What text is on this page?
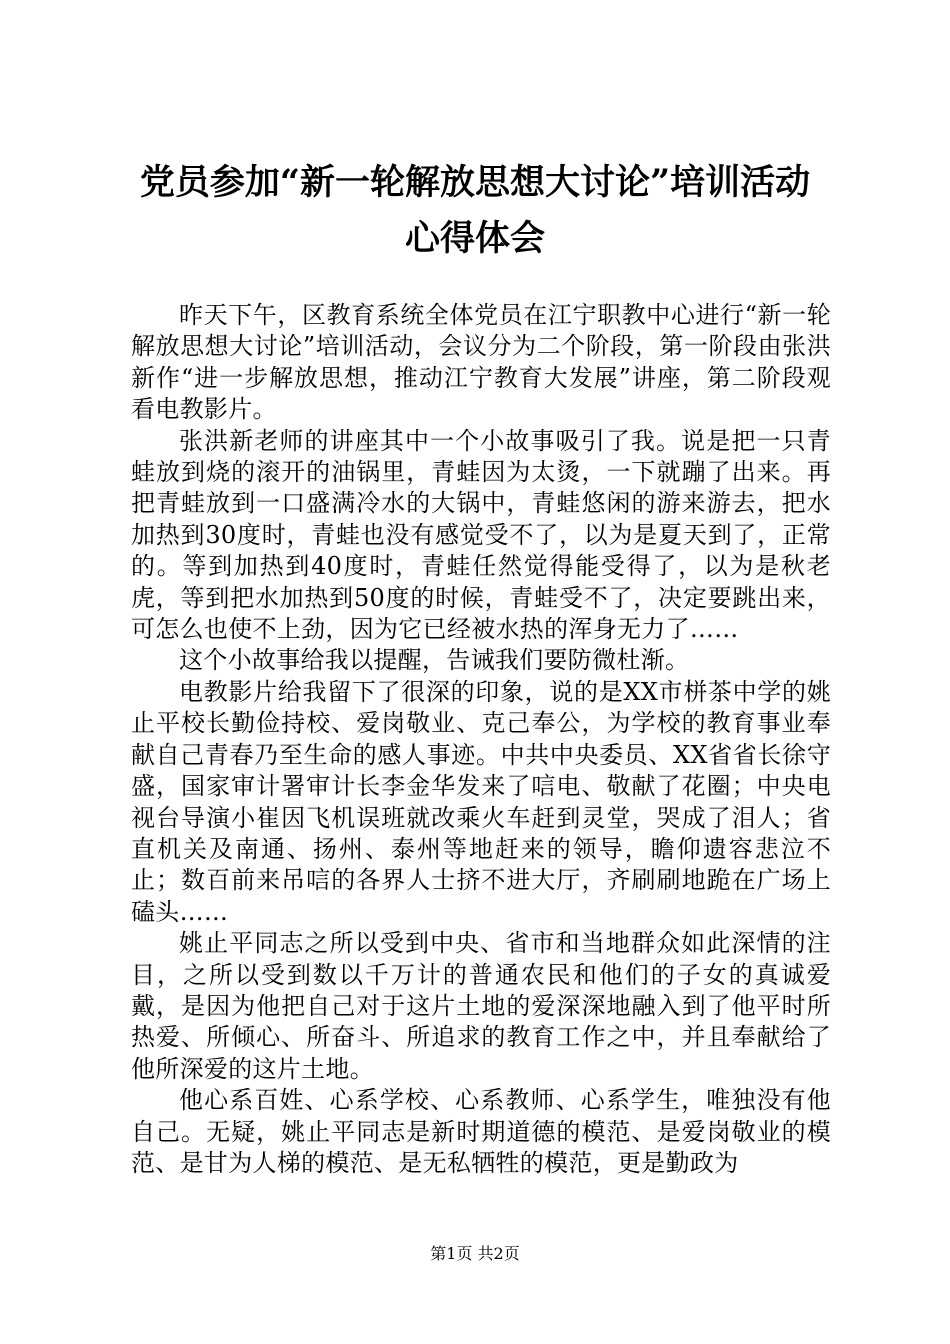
党员参加“新一轮解放思想大讨论”培训活动
心得体会

昨天下午，区教育系统全体党员在江宁职教中心进行“新一轮解放思想大讨论”培训活动，会议分为二个阶段，第一阶段由张洪新作“进一步解放思想，推动江宁教育大发展”讲座，第二阶段观看电教影片。

张洪新老师的讲座其中一个小故事吸引了我。说是把一只青蛙放到烧的滚开的油锅里，青蛙因为太烫，一下就蹦了出来。再把青蛙放到一口盛满冷水的大锅中，青蛙悠闲的游来游去，把水加热到30度时，青蛙也没有感觉受不了，以为是夏天到了，正常的。等到加热到40度时，青蛙任然觉得能受得了，以为是秋老虎，等到把水加热到50度的时候，青蛙受不了，决定要跳出来，可怎么也使不上劲，因为它已经被水热的浑身无力了……

这个小故事给我以提醒，告诫我们要防微杜渐。

电教影片给我留下了很深的印象，说的是XX市栟茶中学的姚止平校长勤俭持校、爱岗敬业、克己奉公，为学校的教育事业奉献自己青春乃至生命的感人事迹。中共中央委员、XX省省长徐守盛，国家审计署审计长李金华发来了唁电、敬献了花圈；中央电视台导演小崔因飞机误班就改乘火车赶到灵堂，哭成了泪人；省直机关及南通、扬州、泰州等地赶来的领导，瞻仰遗容悲泣不止；数百前来吊唁的各界人士挤不进大厅，齐刷刷地跪在广场上磕头……

姚止平同志之所以受到中央、省市和当地群众如此深情的注目，之所以受到数以千万计的普通农民和他们的子女的真诚爱戴，是因为他把自己对于这片土地的爱深深地融入到了他平时所热爱、所倾心、所奋斗、所追求的教育工作之中，并且奉献给了他所深爱的这片土地。

他心系百姓、心系学校、心系教师、心系学生，唯独没有他自己。无疑，姚止平同志是新时期道德的模范、是爱岗敬业的模范、是甘为人梯的模范、是无私牺牲的模范，更是勤政为

第1页 共2页
